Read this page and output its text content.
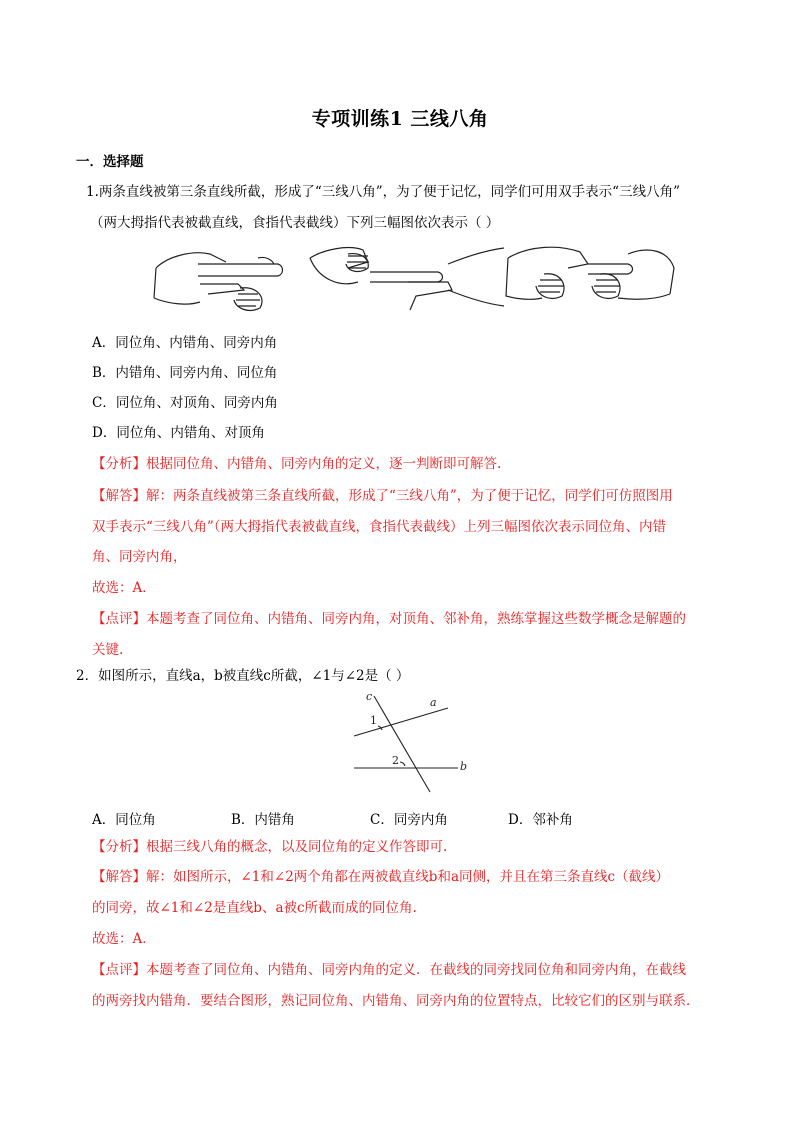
专项训练1 三线八角
一．选择题
1.两条直线被第三条直线所截，形成了“三线八角”，为了便于记忆，同学们可用双手表示“三线八角”
（两大拇指代表被截直线，食指代表截线）下列三幅图依次表示（ ）
A．同位角、内错角、同旁内角
B．内错角、同旁内角、同位角
C．同位角、对顶角、同旁内角
D．同位角、内错角、对顶角
【分析】根据同位角、内错角、同旁内角的定义，逐一判断即可解答.
【解答】解：两条直线被第三条直线所截，形成了“三线八角”，为了便于记忆，同学们可仿照图用
双手表示“三线八角”（两大拇指代表被截直线，食指代表截线）上列三幅图依次表示同位角、内错
角、同旁内角，
故选：A．
【点评】本题考查了同位角、内错角、同旁内角，对顶角、邻补角，熟练掌握这些数学概念是解题的
关键.
2．如图所示，直线a，b被直线c所截，∠1与∠2是（ ）
c	a
b
1
2
A．同位角	B．内错角	C．同旁内角	D．邻补角
【分析】根据三线八角的概念，以及同位角的定义作答即可.
【解答】解：如图所示，∠1和∠2两个角都在两被截直线b和a同侧，并且在第三条直线c（截线）
的同旁，故∠1和∠2是直线b、a被c所截而成的同位角.
故选：A．
【点评】本题考查了同位角、内错角、同旁内角的定义．在截线的同旁找同位角和同旁内角，在截线
的两旁找内错角．要结合图形，熟记同位角、内错角、同旁内角的位置特点，比较它们的区别与联系．
